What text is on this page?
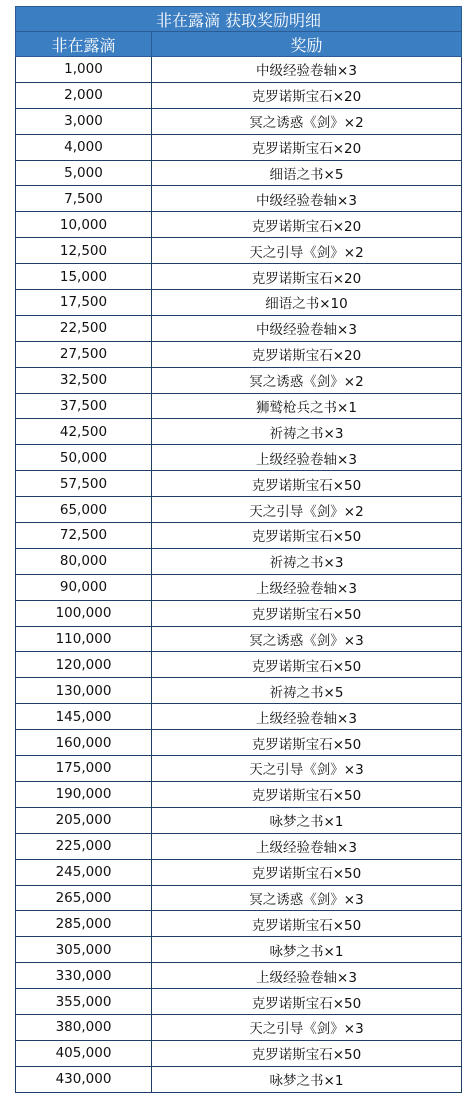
非在露滴 获取奖励明细	
非在露滴	奖励
1,000	中级经验卷轴×3
2,000	克罗诺斯宝石×20
3,000	冥之诱惑《剑》×2
4,000	克罗诺斯宝石×20
5,000	细语之书×5
7,500	中级经验卷轴×3
10,000	克罗诺斯宝石×20
12,500	天之引导《剑》×2
15,000	克罗诺斯宝石×20
17,500	细语之书×10
22,500	中级经验卷轴×3
27,500	克罗诺斯宝石×20
32,500	冥之诱惑《剑》×2
37,500	狮鹫枪兵之书×1
42,500	祈祷之书×3
50,000	上级经验卷轴×3
57,500	克罗诺斯宝石×50
65,000	天之引导《剑》×2
72,500	克罗诺斯宝石×50
80,000	祈祷之书×3
90,000	上级经验卷轴×3
100,000	克罗诺斯宝石×50
110,000	冥之诱惑《剑》×3
120,000	克罗诺斯宝石×50
130,000	祈祷之书×5
145,000	上级经验卷轴×3
160,000	克罗诺斯宝石×50
175,000	天之引导《剑》×3
190,000	克罗诺斯宝石×50
205,000	咏梦之书×1
225,000	上级经验卷轴×3
245,000	克罗诺斯宝石×50
265,000	冥之诱惑《剑》×3
285,000	克罗诺斯宝石×50
305,000	咏梦之书×1
330,000	上级经验卷轴×3
355,000	克罗诺斯宝石×50
380,000	天之引导《剑》×3
405,000	克罗诺斯宝石×50
430,000	咏梦之书×1
